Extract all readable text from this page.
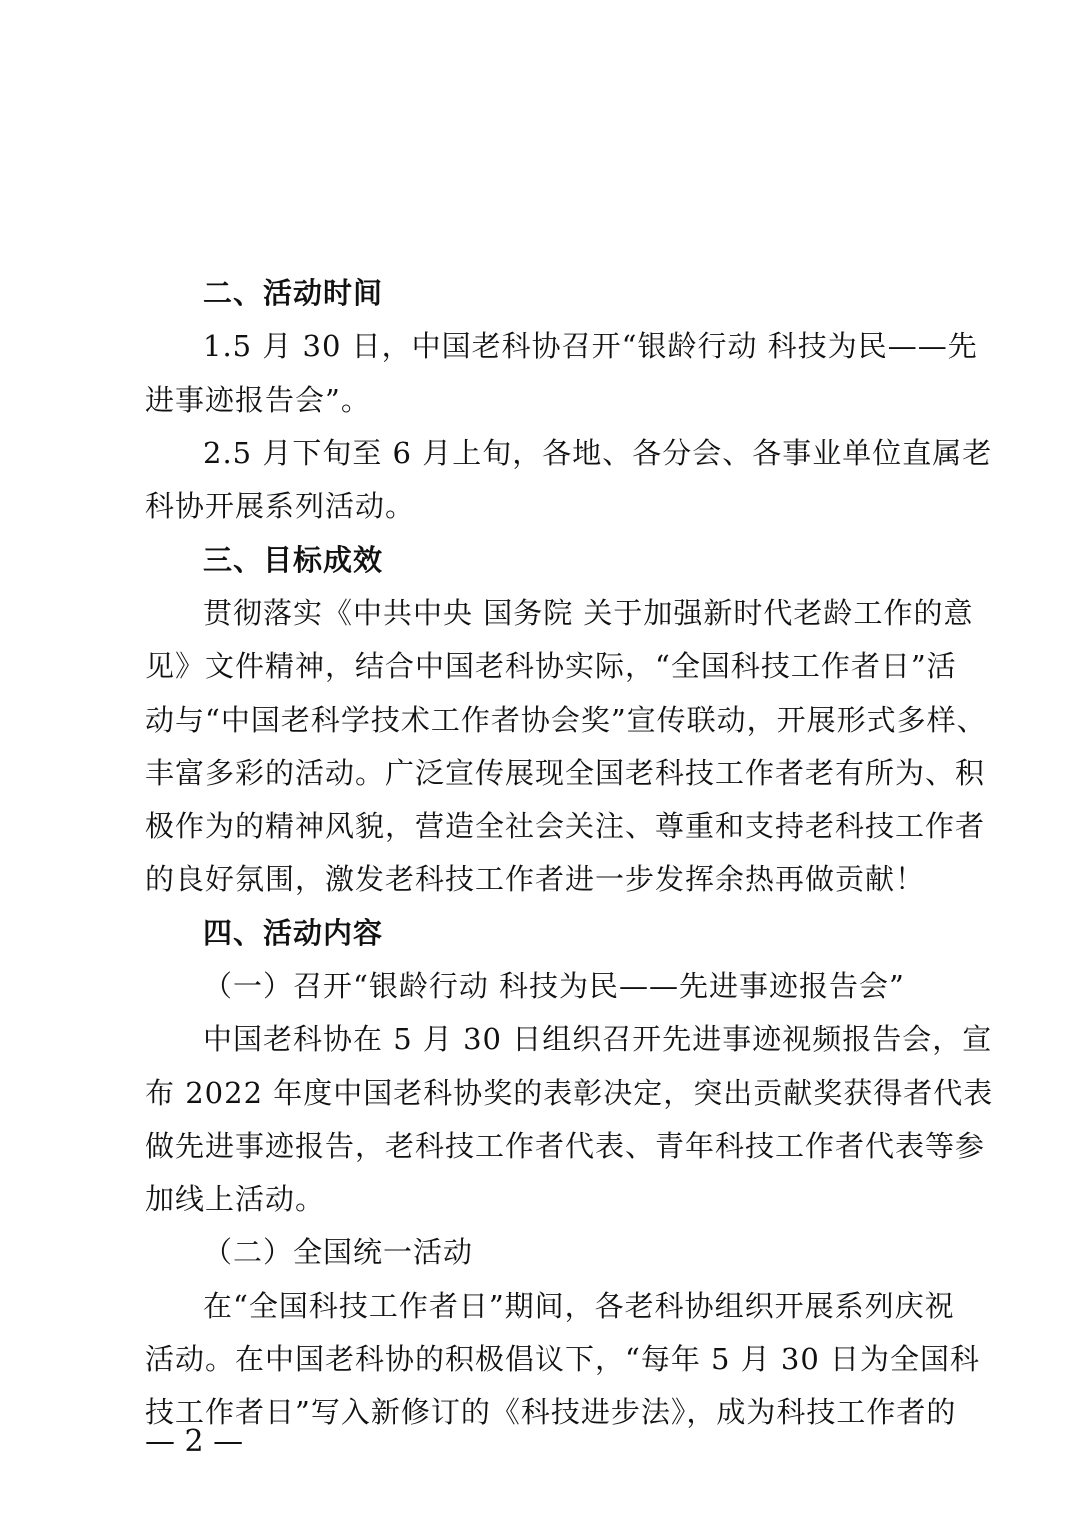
二、活动时间
1.5 月 30 日，中国老科协召开“银龄行动 科技为民——先
进事迹报告会”。
2.5 月下旬至 6 月上旬，各地、各分会、各事业单位直属老
科协开展系列活动。
三、目标成效
贯彻落实《中共中央 国务院 关于加强新时代老龄工作的意
见》文件精神，结合中国老科协实际，“全国科技工作者日”活
动与“中国老科学技术工作者协会奖”宣传联动，开展形式多样、
丰富多彩的活动。广泛宣传展现全国老科技工作者老有所为、积
极作为的精神风貌，营造全社会关注、尊重和支持老科技工作者
的良好氛围，激发老科技工作者进一步发挥余热再做贡献！
四、活动内容
（一）召开“银龄行动 科技为民——先进事迹报告会”
中国老科协在 5 月 30 日组织召开先进事迹视频报告会，宣
布 2022 年度中国老科协奖的表彰决定，突出贡献奖获得者代表
做先进事迹报告，老科技工作者代表、青年科技工作者代表等参
加线上活动。
（二）全国统一活动
在“全国科技工作者日”期间，各老科协组织开展系列庆祝
活动。在中国老科协的积极倡议下，“每年 5 月 30 日为全国科
技工作者日”写入新修订的《科技进步法》，成为科技工作者的
— 2 —
